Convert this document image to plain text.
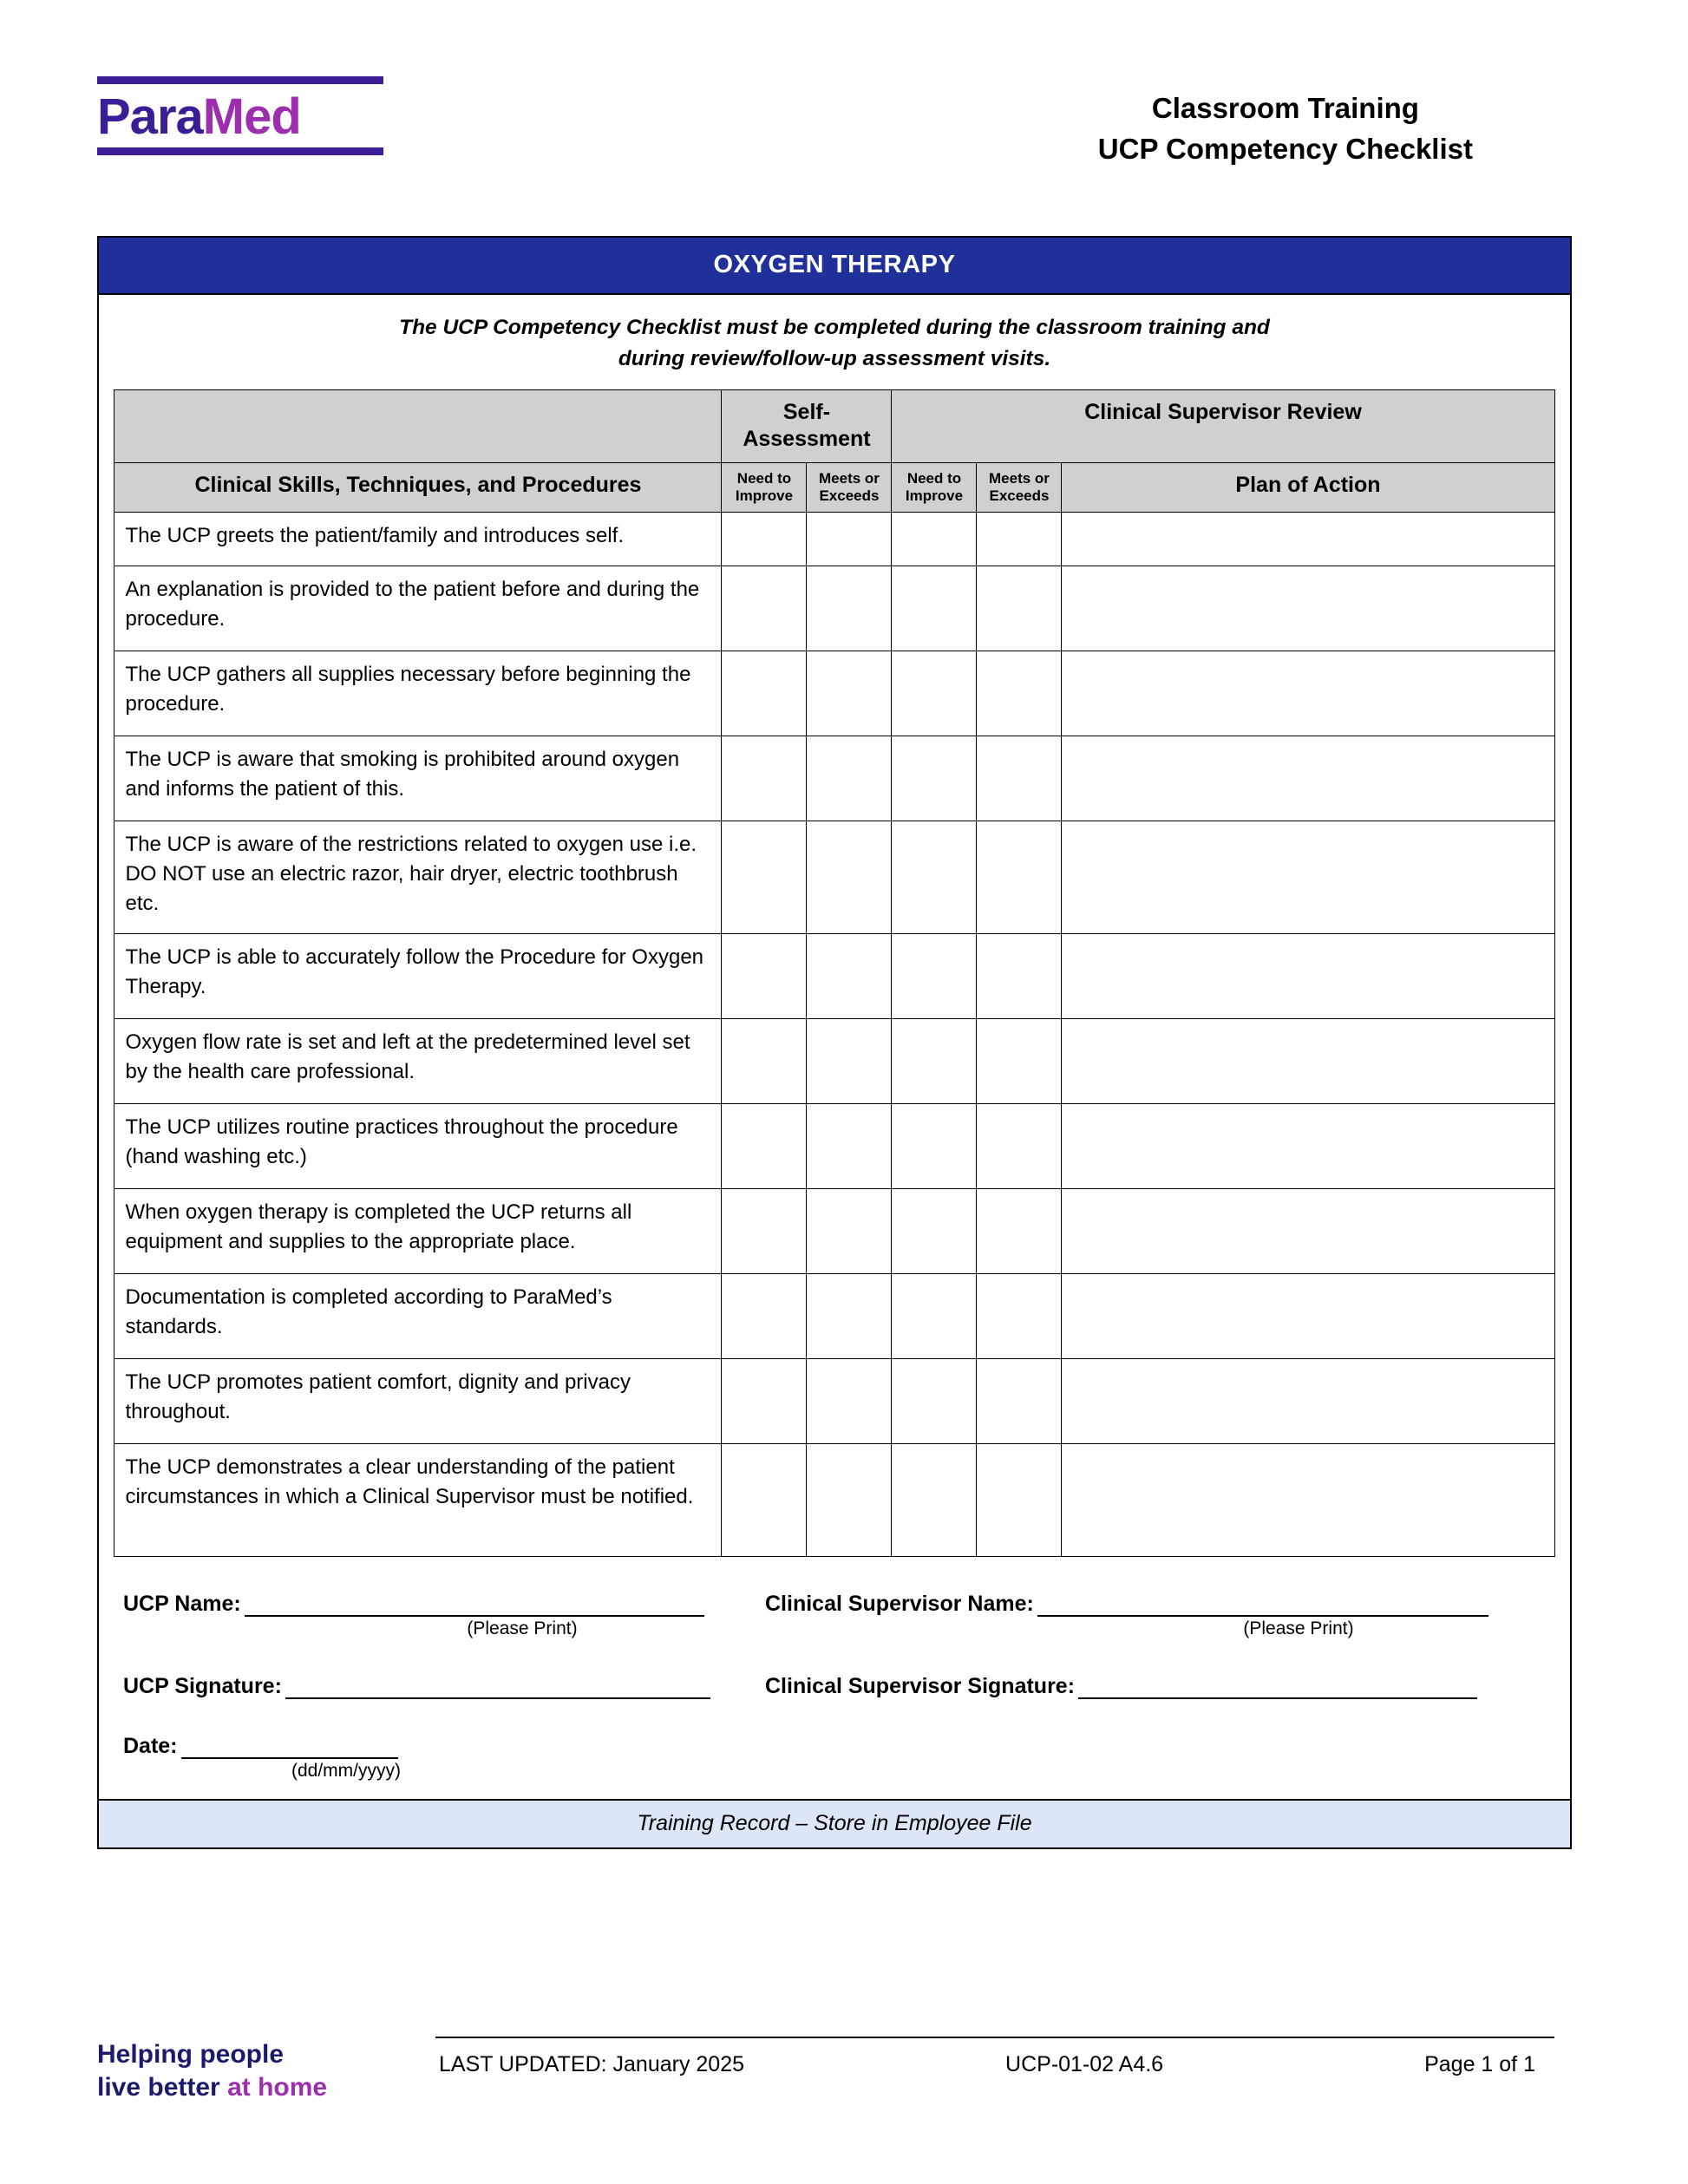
ParaMed	Classroom Training
UCP Competency Checklist
OXYGEN THERAPY
The UCP Competency Checklist must be completed during the classroom training and
during review/follow-up assessment visits.
	Self-Assessment		Clinical Supervisor Review		
Clinical Skills, Techniques, and Procedures	Need to
Improve	Meets or
Exceeds	Need to
Improve	Meets or
Exceeds	Plan of Action
The UCP greets the patient/family and introduces self.					
An explanation is provided to the patient before and during the procedure.					
The UCP gathers all supplies necessary before beginning the procedure.					
The UCP is aware that smoking is prohibited around oxygen and informs the patient of this.					
The UCP is aware of the restrictions related to oxygen use i.e. DO NOT use an electric razor, hair dryer, electric toothbrush etc.					
The UCP is able to accurately follow the Procedure for Oxygen Therapy.					
Oxygen flow rate is set and left at the predetermined level set by the health care professional.					
The UCP utilizes routine practices throughout the procedure (hand washing etc.)					
When oxygen therapy is completed the UCP returns all equipment and supplies to the appropriate place.					
Documentation is completed according to ParaMed’s standards.					
The UCP promotes patient comfort, dignity and privacy throughout.					
The UCP demonstrates a clear understanding of the patient circumstances in which a Clinical Supervisor must be notified.					
UCP Name:
(Please Print)
Clinical Supervisor Name:
(Please Print)
UCP Signature:	Clinical Supervisor Signature:
Date:
(dd/mm/yyyy)
Training Record – Store in Employee File
Helping people
live better at home
LAST UPDATED: January 2025	UCP-01-02 A4.6	Page 1 of 1
